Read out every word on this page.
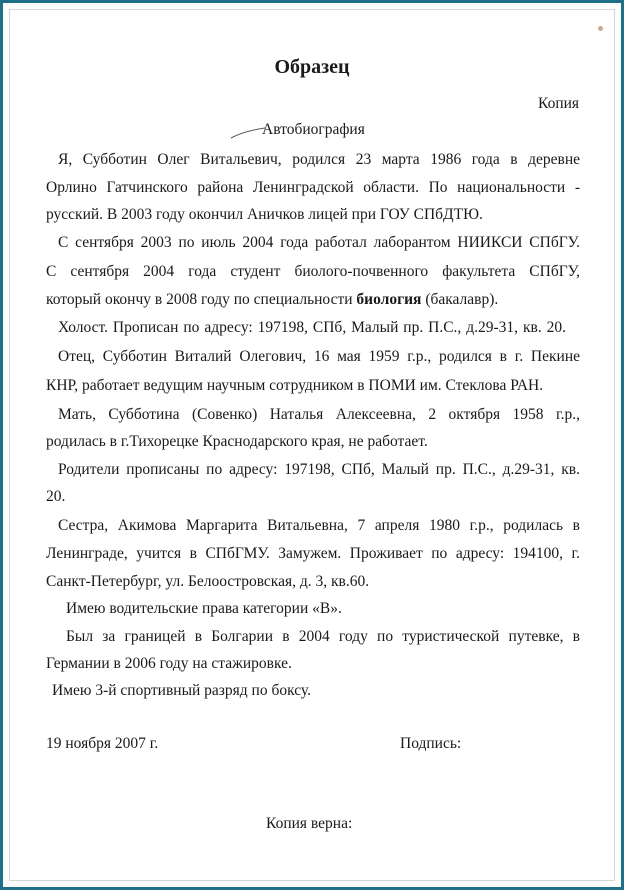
Образец
Копия
Автобиография
Я, Субботин Олег Витальевич, родился 23 марта 1986 года в деревне
Орлино Гатчинского района Ленинградской области. По национальности -
русский. В 2003 году окончил Аничков лицей при ГОУ СПбДТЮ.
С сентября 2003 по июль 2004 года работал лаборантом НИИКСИ СПбГУ.
С сентября 2004 года студент биолого-почвенного факультета СПбГУ,
который окончу в 2008 году по специальности биология (бакалавр).
Холост. Прописан по адресу: 197198, СПб, Малый пр. П.С., д.29-31, кв. 20.
Отец, Субботин Виталий Олегович, 16 мая 1959 г.р., родился в г. Пекине
КНР, работает ведущим научным сотрудником в ПОМИ им. Стеклова РАН.
Мать, Субботина (Совенко) Наталья Алексеевна, 2 октября 1958 г.р.,
родилась в г.Тихорецке Краснодарского края, не работает.
Родители прописаны по адресу: 197198, СПб, Малый пр. П.С., д.29-31, кв.
20.
Сестра, Акимова Маргарита Витальевна, 7 апреля 1980 г.р., родилась в
Ленинграде, учится в СПбГМУ. Замужем. Проживает по адресу: 194100, г.
Санкт-Петербург, ул. Белоостровская, д. 3, кв.60.
Имею водительские права категории «В».
Был за границей в Болгарии в 2004 году по туристической путевке, в
Германии в 2006 году на стажировке.
Имею 3-й спортивный разряд по боксу.
19 ноября 2007 г.	Подпись:
Копия верна:
